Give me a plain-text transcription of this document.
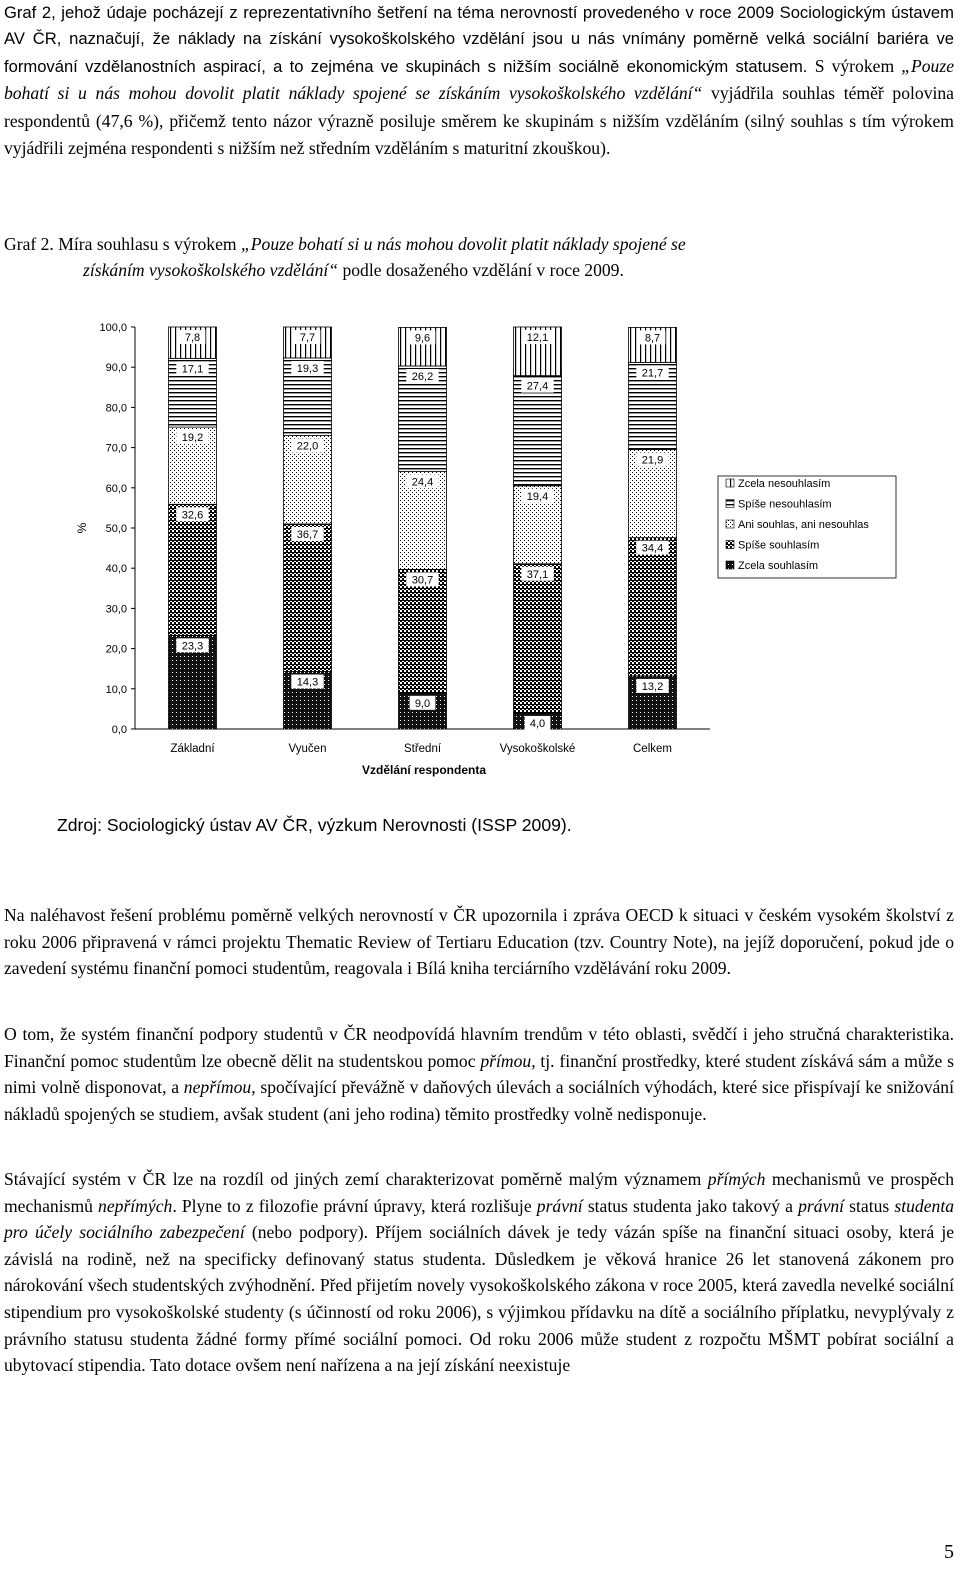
Graf 2, jehož údaje pocházejí z reprezentativního šetření na téma nerovností provedeného v roce 2009 Sociologickým ústavem AV ČR, naznačují, že náklady na získání vysokoškolského vzdělání jsou u nás vnímány poměrně velká sociální bariéra ve formování vzdělanostních aspirací, a to zejména ve skupinách s nižším sociálně ekonomickým statusem. S výrokem „Pouze bohatí si u nás mohou dovolit platit náklady spojené se získáním vysokoškolského vzdělání“ vyjádřila souhlas téměř polovina respondentů (47,6 %), přičemž tento názor výrazně posiluje směrem ke skupinám s nižším vzděláním (silný souhlas s tím výrokem vyjádřili zejména respondenti s nižším než středním vzděláním s maturitní zkouškou).

Graf 2. Míra souhlasu s výrokem „Pouze bohatí si u nás mohou dovolit platit náklady spojené se
získáním vysokoškolského vzdělání“ podle dosaženého vzdělání v roce 2009.

%
0,0
10,0
20,0
30,0
40,0
50,0
60,0
70,0
80,0
90,0
100,0
23,3
32,6
19,2
17,1
7,8
14,3
36,7
22,0
19,3
7,7
9,0
30,7
24,4
26,2
9,6
4,0
37,1
19,4
27,4
12,1
13,2
34,4
21,9
21,7
8,7
Základní	Vyučen	Střední	Vysokoškolské	Celkem
Vzdělání respondenta
Zcela nesouhlasím
Spíše nesouhlasím
Ani souhlas, ani nesouhlas
Spíše souhlasím
Zcela souhlasím

Zdroj: Sociologický ústav AV ČR, výzkum Nerovnosti (ISSP 2009).

Na naléhavost řešení problému poměrně velkých nerovností v ČR upozornila i zpráva OECD k situaci v českém vysokém školství z roku 2006 připravená v rámci projektu Thematic Review of Tertiaru Education (tzv. Country Note), na jejíž doporučení, pokud jde o zavedení systému finanční pomoci studentům, reagovala i Bílá kniha terciárního vzdělávání roku 2009.

O tom, že systém finanční podpory studentů v ČR neodpovídá hlavním trendům v této oblasti, svědčí i jeho stručná charakteristika. Finanční pomoc studentům lze obecně dělit na studentskou pomoc přímou, tj. finanční prostředky, které student získává sám a může s nimi volně disponovat, a nepřímou, spočívající převážně v daňových úlevách a sociálních výhodách, které sice přispívají ke snižování nákladů spojených se studiem, avšak student (ani jeho rodina) těmito prostředky volně nedisponuje.

Stávající systém v ČR lze na rozdíl od jiných zemí charakterizovat poměrně malým významem přímých mechanismů ve prospěch mechanismů nepřímých. Plyne to z filozofie právní úpravy, která rozlišuje právní status studenta jako takový a právní status studenta pro účely sociálního zabezpečení (nebo podpory). Příjem sociálních dávek je tedy vázán spíše na finanční situaci osoby, která je závislá na rodině, než na specificky definovaný status studenta. Důsledkem je věková hranice 26 let stanovená zákonem pro nárokování všech studentských zvýhodnění. Před přijetím novely vysokoškolského zákona v roce 2005, která zavedla nevelké sociální stipendium pro vysokoškolské studenty (s účinností od roku 2006), s výjimkou přídavku na dítě a sociálního příplatku, nevyplývaly z právního statusu studenta žádné formy přímé sociální pomoci. Od roku 2006 může student z rozpočtu MŠMT pobírat sociální a ubytovací stipendia. Tato dotace ovšem není nařízena a na její získání neexistuje

5
